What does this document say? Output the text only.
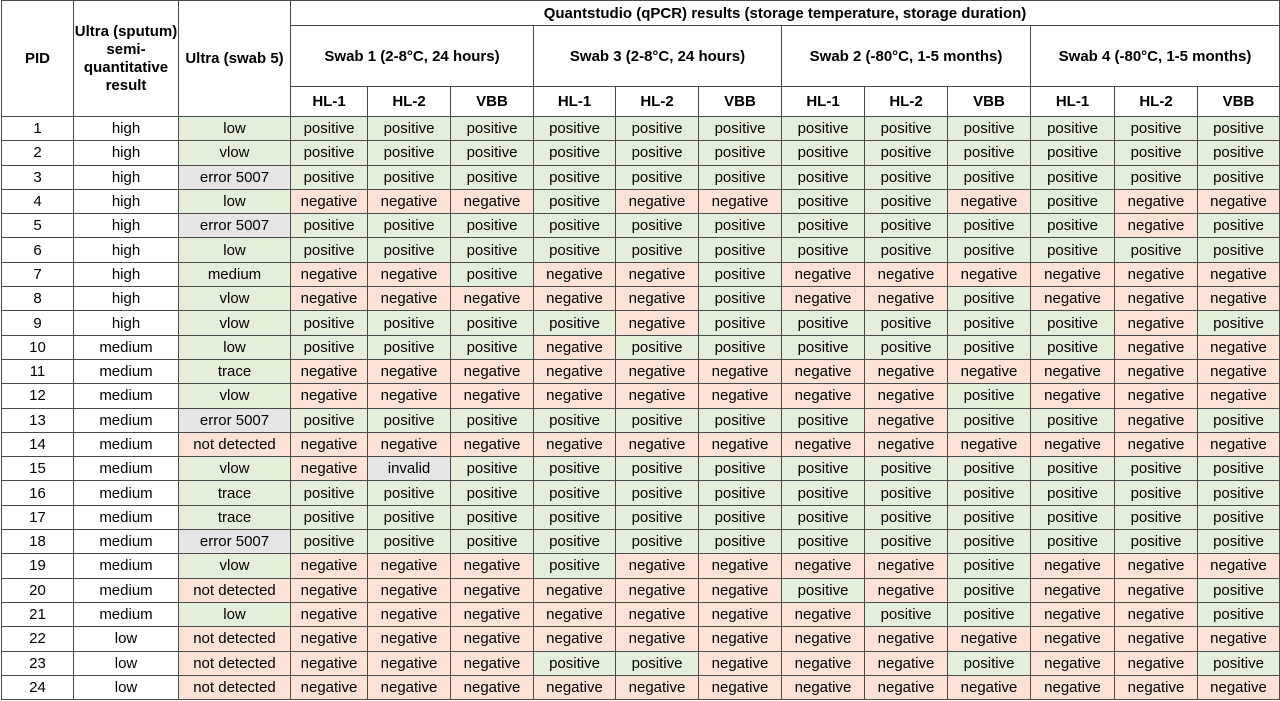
PID	Ultra (sputum) semi-quantitative result	Ultra (swab 5)	Quantstudio (qPCR) results (storage temperature, storage duration)											
			Swab 1 (2-8°C, 24 hours)			Swab 3 (2-8°C, 24 hours)			Swab 2 (-80°C, 1-5 months)			Swab 4 (-80°C, 1-5 months)		
			HL-1	HL-2	VBB	HL-1	HL-2	VBB	HL-1	HL-2	VBB	HL-1	HL-2	VBB
1	high	low	positive	positive	positive	positive	positive	positive	positive	positive	positive	positive	positive	positive
2	high	vlow	positive	positive	positive	positive	positive	positive	positive	positive	positive	positive	positive	positive
3	high	error 5007	positive	positive	positive	positive	positive	positive	positive	positive	positive	positive	positive	positive
4	high	low	negative	negative	negative	positive	negative	negative	positive	positive	negative	positive	negative	negative
5	high	error 5007	positive	positive	positive	positive	positive	positive	positive	positive	positive	positive	negative	positive
6	high	low	positive	positive	positive	positive	positive	positive	positive	positive	positive	positive	positive	positive
7	high	medium	negative	negative	positive	negative	negative	positive	negative	negative	negative	negative	negative	negative
8	high	vlow	negative	negative	negative	negative	negative	positive	negative	negative	positive	negative	negative	negative
9	high	vlow	positive	positive	positive	positive	negative	positive	positive	positive	positive	positive	negative	positive
10	medium	low	positive	positive	positive	negative	positive	positive	positive	positive	positive	positive	negative	negative
11	medium	trace	negative	negative	negative	negative	negative	negative	negative	negative	negative	negative	negative	negative
12	medium	vlow	negative	negative	negative	negative	negative	negative	negative	negative	positive	negative	negative	negative
13	medium	error 5007	positive	positive	positive	positive	positive	positive	positive	negative	positive	positive	negative	positive
14	medium	not detected	negative	negative	negative	negative	negative	negative	negative	negative	negative	negative	negative	negative
15	medium	vlow	negative	invalid	positive	positive	positive	positive	positive	positive	positive	positive	positive	positive
16	medium	trace	positive	positive	positive	positive	positive	positive	positive	positive	positive	positive	positive	positive
17	medium	trace	positive	positive	positive	positive	positive	positive	positive	positive	positive	positive	positive	positive
18	medium	error 5007	positive	positive	positive	positive	positive	positive	positive	positive	positive	positive	positive	positive
19	medium	vlow	negative	negative	negative	positive	negative	negative	negative	negative	positive	negative	negative	negative
20	medium	not detected	negative	negative	negative	negative	negative	negative	positive	negative	positive	negative	negative	positive
21	medium	low	negative	negative	negative	negative	negative	negative	negative	positive	positive	negative	negative	positive
22	low	not detected	negative	negative	negative	negative	negative	negative	negative	negative	negative	negative	negative	negative
23	low	not detected	negative	negative	negative	positive	positive	negative	negative	negative	positive	negative	negative	positive
24	low	not detected	negative	negative	negative	negative	negative	negative	negative	negative	negative	negative	negative	negative
